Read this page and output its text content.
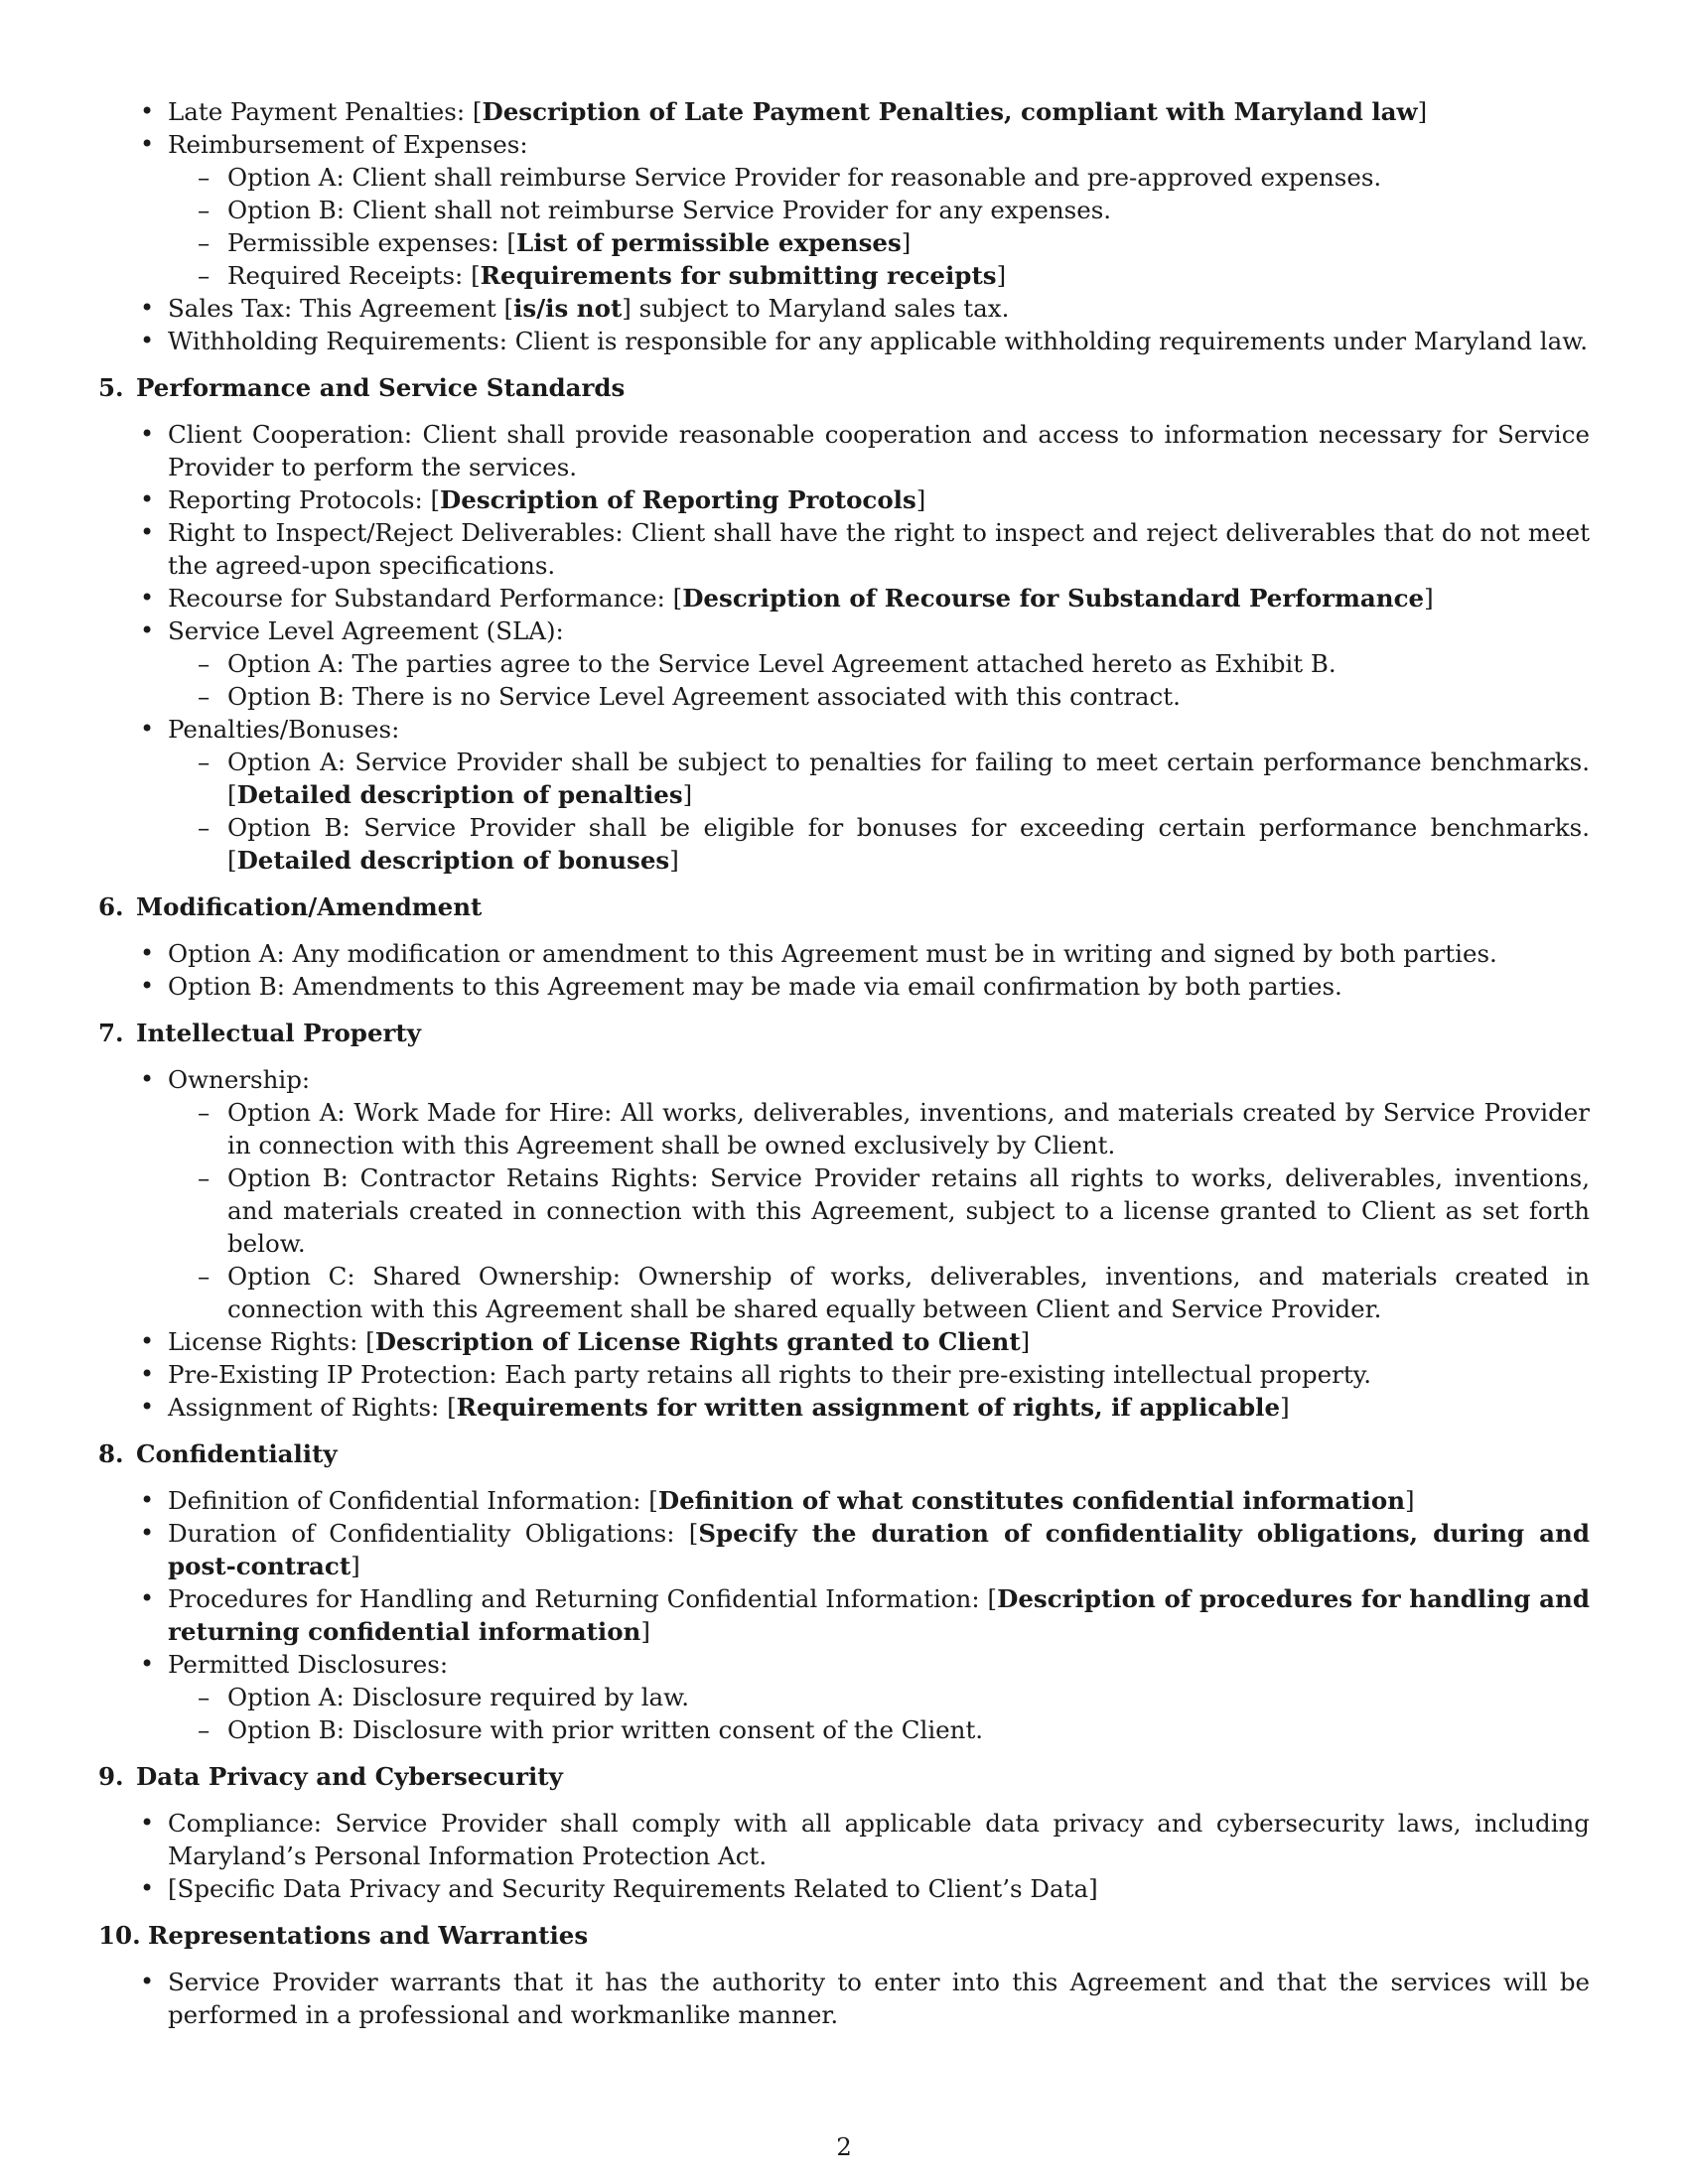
• Late Payment Penalties: [Description of Late Payment Penalties, compliant with Maryland law]
• Reimbursement of Expenses:
– Option A: Client shall reimburse Service Provider for reasonable and pre-approved expenses.
– Option B: Client shall not reimburse Service Provider for any expenses.
– Permissible expenses: [List of permissible expenses]
– Required Receipts: [Requirements for submitting receipts]
• Sales Tax: This Agreement [is/is not] subject to Maryland sales tax.
• Withholding Requirements: Client is responsible for any applicable withholding requirements under Maryland law.
5. Performance and Service Standards
• Client Cooperation: Client shall provide reasonable cooperation and access to information necessary for Service Provider to perform the services.
• Reporting Protocols: [Description of Reporting Protocols]
• Right to Inspect/Reject Deliverables: Client shall have the right to inspect and reject deliverables that do not meet the agreed-upon specifications.
• Recourse for Substandard Performance: [Description of Recourse for Substandard Performance]
• Service Level Agreement (SLA):
– Option A: The parties agree to the Service Level Agreement attached hereto as Exhibit B.
– Option B: There is no Service Level Agreement associated with this contract.
• Penalties/Bonuses:
– Option A: Service Provider shall be subject to penalties for failing to meet certain performance benchmarks. [Detailed description of penalties]
– Option B: Service Provider shall be eligible for bonuses for exceeding certain performance benchmarks. [Detailed description of bonuses]
6. Modification/Amendment
• Option A: Any modification or amendment to this Agreement must be in writing and signed by both parties.
• Option B: Amendments to this Agreement may be made via email confirmation by both parties.
7. Intellectual Property
• Ownership:
– Option A: Work Made for Hire: All works, deliverables, inventions, and materials created by Service Provider in connection with this Agreement shall be owned exclusively by Client.
– Option B: Contractor Retains Rights: Service Provider retains all rights to works, deliverables, inventions, and materials created in connection with this Agreement, subject to a license granted to Client as set forth below.
– Option C: Shared Ownership: Ownership of works, deliverables, inventions, and materials created in connection with this Agreement shall be shared equally between Client and Service Provider.
• License Rights: [Description of License Rights granted to Client]
• Pre-Existing IP Protection: Each party retains all rights to their pre-existing intellectual property.
• Assignment of Rights: [Requirements for written assignment of rights, if applicable]
8. Confidentiality
• Definition of Confidential Information: [Definition of what constitutes confidential information]
• Duration of Confidentiality Obligations: [Specify the duration of confidentiality obligations, during and post-contract]
• Procedures for Handling and Returning Confidential Information: [Description of procedures for handling and returning confidential information]
• Permitted Disclosures:
– Option A: Disclosure required by law.
– Option B: Disclosure with prior written consent of the Client.
9. Data Privacy and Cybersecurity
• Compliance: Service Provider shall comply with all applicable data privacy and cybersecurity laws, including Maryland’s Personal Information Protection Act.
• [Specific Data Privacy and Security Requirements Related to Client’s Data]
10. Representations and Warranties
• Service Provider warrants that it has the authority to enter into this Agreement and that the services will be performed in a professional and workmanlike manner.
2
